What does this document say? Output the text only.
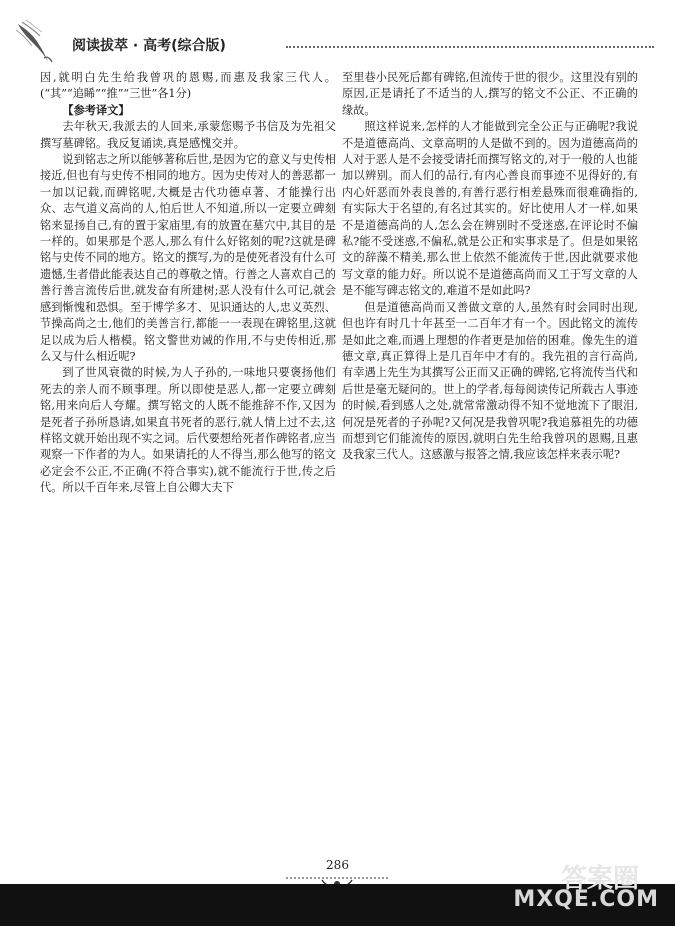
阅读拔萃 · 高考(综合版)

因,就明白先生给我曾巩的恩赐,而惠及我家三代人。(“其”“追睎”“推”“三世”各1分)

【参考译文】

去年秋天,我派去的人回来,承蒙您赐予书信及为先祖父撰写墓碑铭。我反复诵读,真是感愧交并。

说到铭志之所以能够著称后世,是因为它的意义与史传相接近,但也有与史传不相同的地方。因为史传对人的善恶都一一加以记载,而碑铭呢,大概是古代功德卓著、才能操行出众、志气道义高尚的人,怕后世人不知道,所以一定要立碑刻铭来显扬自己,有的置于家庙里,有的放置在墓穴中,其目的是一样的。如果那是个恶人,那么有什么好铭刻的呢?这就是碑铭与史传不同的地方。铭文的撰写,为的是使死者没有什么可遗憾,生者借此能表达自己的尊敬之情。行善之人喜欢自己的善行善言流传后世,就发奋有所建树;恶人没有什么可记,就会感到惭愧和恐惧。至于博学多才、见识通达的人,忠义英烈、节操高尚之士,他们的美善言行,都能一一表现在碑铭里,这就足以成为后人楷模。铭文警世劝诫的作用,不与史传相近,那么又与什么相近呢?

到了世风衰微的时候,为人子孙的,一味地只要褒扬他们死去的亲人而不顾事理。所以即使是恶人,都一定要立碑刻铭,用来向后人夸耀。撰写铭文的人既不能推辞不作,又因为是死者子孙所恳请,如果直书死者的恶行,就人情上过不去,这样铭文就开始出现不实之词。后代要想给死者作碑铭者,应当观察一下作者的为人。如果请托的人不得当,那么他写的铭文必定会不公正,不正确(不符合事实),就不能流行于世,传之后代。所以千百年来,尽管上自公卿大夫下

至里巷小民死后都有碑铭,但流传于世的很少。这里没有别的原因,正是请托了不适当的人,撰写的铭文不公正、不正确的缘故。

照这样说来,怎样的人才能做到完全公正与正确呢?我说不是道德高尚、文章高明的人是做不到的。因为道德高尚的人对于恶人是不会接受请托而撰写铭文的,对于一般的人也能加以辨别。而人们的品行,有内心善良而事迹不见得好的,有内心奸恶而外表良善的,有善行恶行相差悬殊而很难确指的,有实际大于名望的,有名过其实的。好比使用人才一样,如果不是道德高尚的人,怎么会在辨别时不受迷惑,在评论时不偏私?能不受迷惑,不偏私,就是公正和实事求是了。但是如果铭文的辞藻不精美,那么世上依然不能流传于世,因此就要求他写文章的能力好。所以说不是道德高尚而又工于写文章的人是不能写碑志铭文的,难道不是如此吗?

但是道德高尚而又善做文章的人,虽然有时会同时出现,但也许有时几十年甚至一二百年才有一个。因此铭文的流传是如此之难,而遇上理想的作者更是加倍的困难。像先生的道德文章,真正算得上是几百年中才有的。我先祖的言行高尚,有幸遇上先生为其撰写公正而又正确的碑铭,它将流传当代和后世是毫无疑问的。世上的学者,每每阅读传记所载古人事迹的时候,看到感人之处,就常常激动得不知不觉地流下了眼泪,何况是死者的子孙呢?又何况是我曾巩呢?我追慕祖先的功德而想到它们能流传的原因,就明白先生给我曾巩的恩赐,且惠及我家三代人。这感激与报答之情,我应该怎样来表示呢?

286	答案圈
MXQE.COM
